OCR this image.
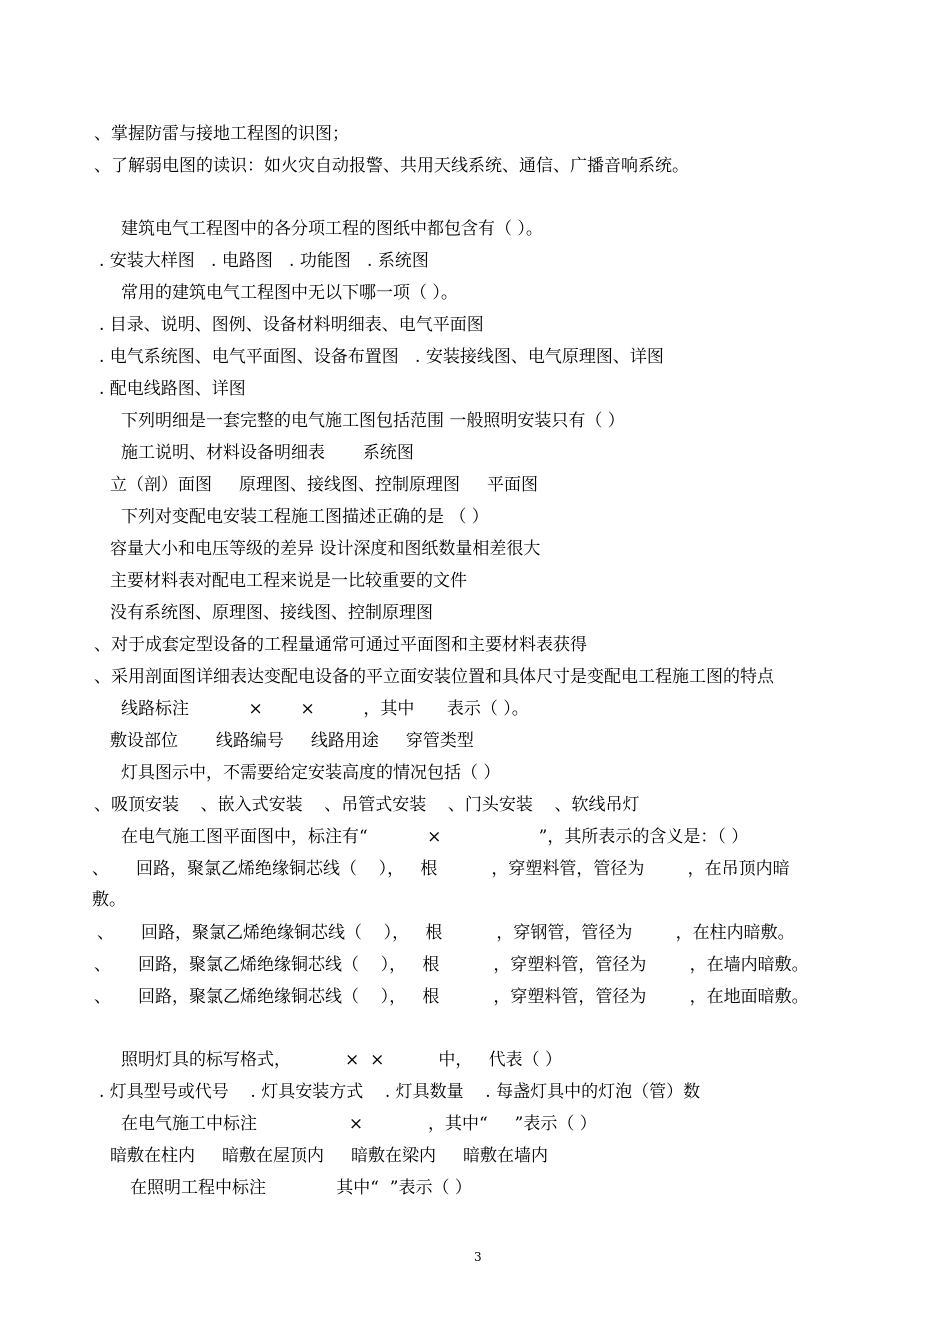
、掌握防雷与接地工程图的识图；
、了解弱电图的读识：如火灾自动报警、共用天线系统、通信、广播音响系统。
建筑电气工程图中的各分项工程的图纸中都包含有（ ）。
. 安装大样图   . 电路图   . 功能图   . 系统图
常用的建筑电气工程图中无以下哪一项（ ）。
. 目录、说明、图例、设备材料明细表、电气平面图
. 电气系统图、电气平面图、设备布置图   . 安装接线图、电气原理图、详图
. 配电线路图、详图
下列明细是一套完整的电气施工图包括范围 一般照明安装只有（ ）
施工说明、材料设备明细表       系统图
立（剖）面图     原理图、接线图、控制原理图     平面图
下列对变配电安装工程施工图描述正确的是 （ ）
容量大小和电压等级的差异 设计深度和图纸数量相差很大
主要材料表对配电工程来说是一比较重要的文件
没有系统图、原理图、接线图、控制原理图
、对于成套定型设备的工程量通常可通过平面图和主要材料表获得
、采用剖面图详细表达变配电设备的平立面安装位置和具体尺寸是变配电工程施工图的特点
线路标注           ×       ×         ，其中      表示（ ）。
敷设部位       线路编号     线路用途     穿管类型
灯具图示中，不需要给定安装高度的情况包括（ ）
、吸顶安装    、嵌入式安装    、吊管式安装    、门头安装    、软线吊灯
在电气施工图平面图中，标注有“           ×                  ”，其所表示的含义是：（ ）
、     回路，聚氯乙烯绝缘铜芯线（    ），   根          ，穿塑料管，管径为        ，在吊顶内暗
敷。
、     回路，聚氯乙烯绝缘铜芯线（    ），   根          ，穿钢管，管径为        ，在柱内暗敷。
、     回路，聚氯乙烯绝缘铜芯线（    ），   根          ，穿塑料管，管径为        ，在墙内暗敷。
、     回路，聚氯乙烯绝缘铜芯线（    ），   根          ，穿塑料管，管径为        ，在地面暗敷。
照明灯具的标写格式，          ×  ×          中，   代表（ ）
. 灯具型号或代号    . 灯具安装方式    . 灯具数量    . 每盏灯具中的灯泡（管）数
在电气施工中标注                 ×            ，其中“     ”表示（ ）
暗敷在柱内     暗敷在屋顶内     暗敷在梁内     暗敷在墙内
在照明工程中标注             其中“  ”表示（ ）
3
